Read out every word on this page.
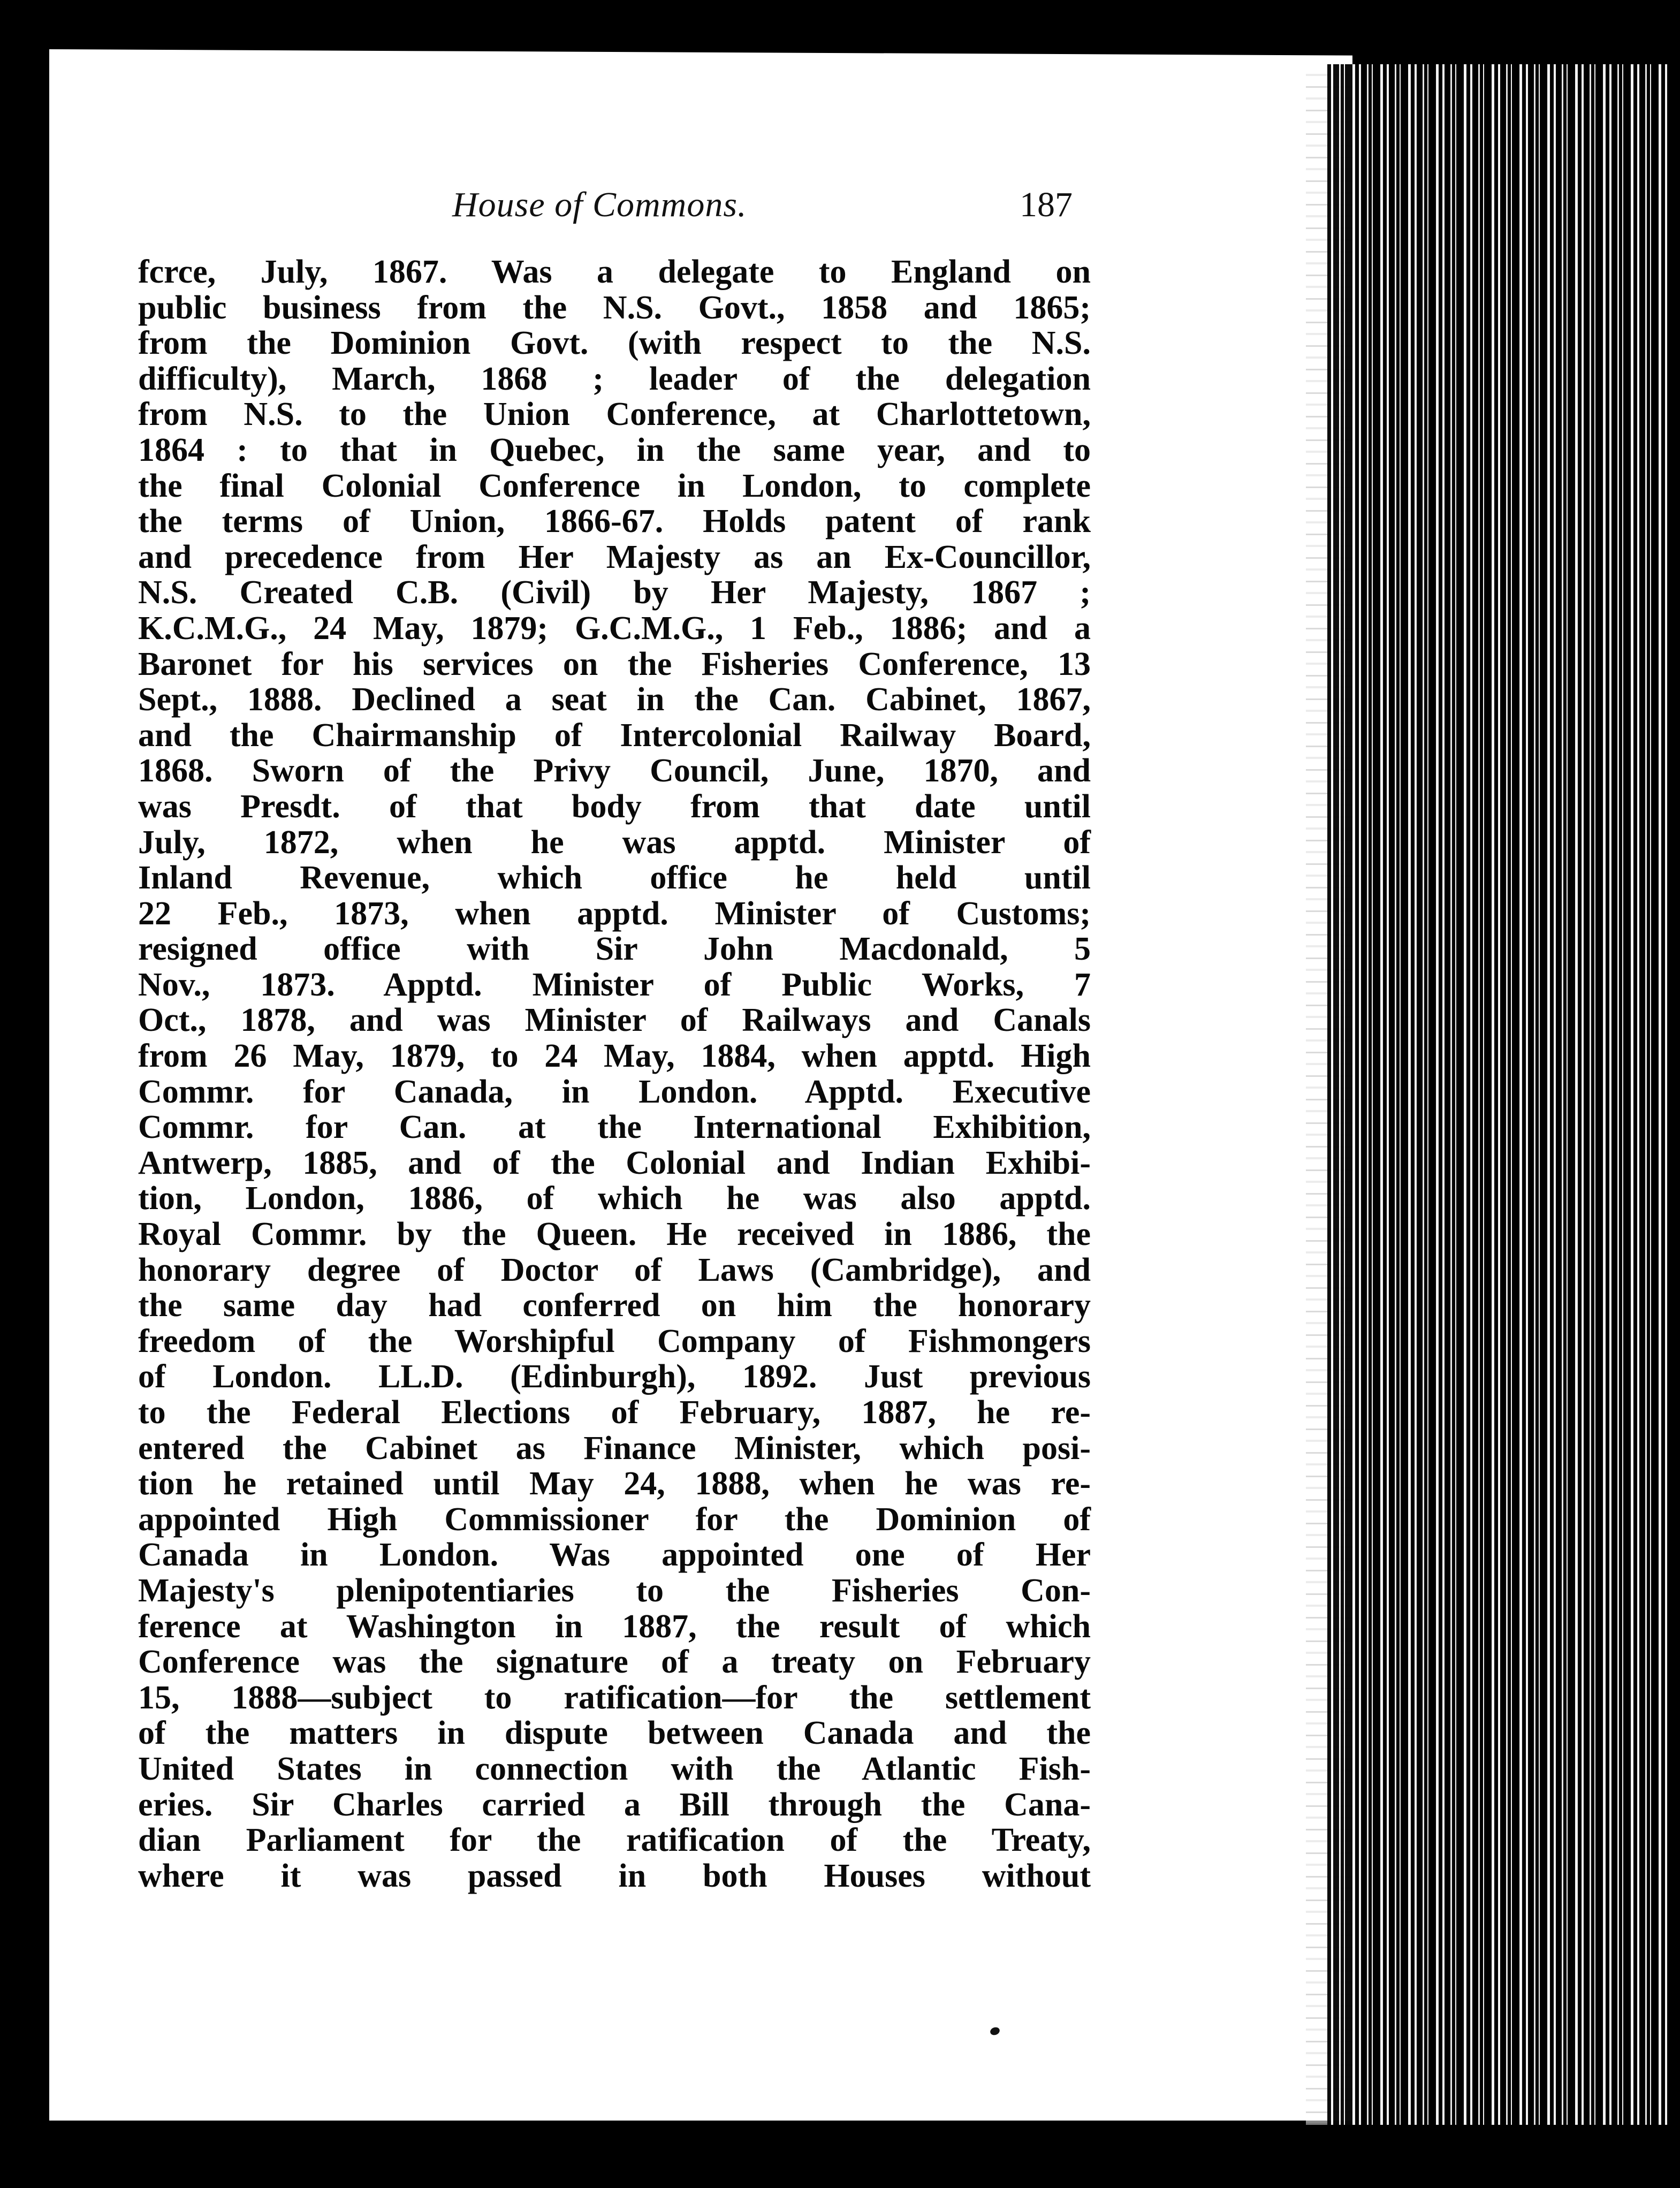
House of Commons.	187
fcrce, July, 1867. Was a delegate to England on
public business from the N.S. Govt., 1858 and 1865;
from the Dominion Govt. (with respect to the N.S.
difficulty), March, 1868 ; leader of the delegation
from N.S. to the Union Conference, at Charlottetown,
1864 : to that in Quebec, in the same year, and to
the final Colonial Conference in London, to complete
the terms of Union, 1866-67. Holds patent of rank
and precedence from Her Majesty as an Ex-Councillor,
N.S. Created C.B. (Civil) by Her Majesty, 1867 ;
K.C.M.G., 24 May, 1879; G.C.M.G., 1 Feb., 1886; and a
Baronet for his services on the Fisheries Conference, 13
Sept., 1888. Declined a seat in the Can. Cabinet, 1867,
and the Chairmanship of Intercolonial Railway Board,
1868. Sworn of the Privy Council, June, 1870, and
was Presdt. of that body from that date until
July, 1872, when he was apptd. Minister of
Inland Revenue, which office he held until
22 Feb., 1873, when apptd. Minister of Customs;
resigned office with Sir John Macdonald, 5
Nov., 1873. Apptd. Minister of Public Works, 7
Oct., 1878, and was Minister of Railways and Canals
from 26 May, 1879, to 24 May, 1884, when apptd. High
Commr. for Canada, in London. Apptd. Executive
Commr. for Can. at the International Exhibition,
Antwerp, 1885, and of the Colonial and Indian Exhibi-
tion, London, 1886, of which he was also apptd.
Royal Commr. by the Queen. He received in 1886, the
honorary degree of Doctor of Laws (Cambridge), and
the same day had conferred on him the honorary
freedom of the Worshipful Company of Fishmongers
of London. LL.D. (Edinburgh), 1892. Just previous
to the Federal Elections of February, 1887, he re-
entered the Cabinet as Finance Minister, which posi-
tion he retained until May 24, 1888, when he was re-
appointed High Commissioner for the Dominion of
Canada in London. Was appointed one of Her
Majesty's plenipotentiaries to the Fisheries Con-
ference at Washington in 1887, the result of which
Conference was the signature of a treaty on February
15, 1888—subject to ratification—for the settlement
of the matters in dispute between Canada and the
United States in connection with the Atlantic Fish-
eries. Sir Charles carried a Bill through the Cana-
dian Parliament for the ratification of the Treaty,
where it was passed in both Houses without
